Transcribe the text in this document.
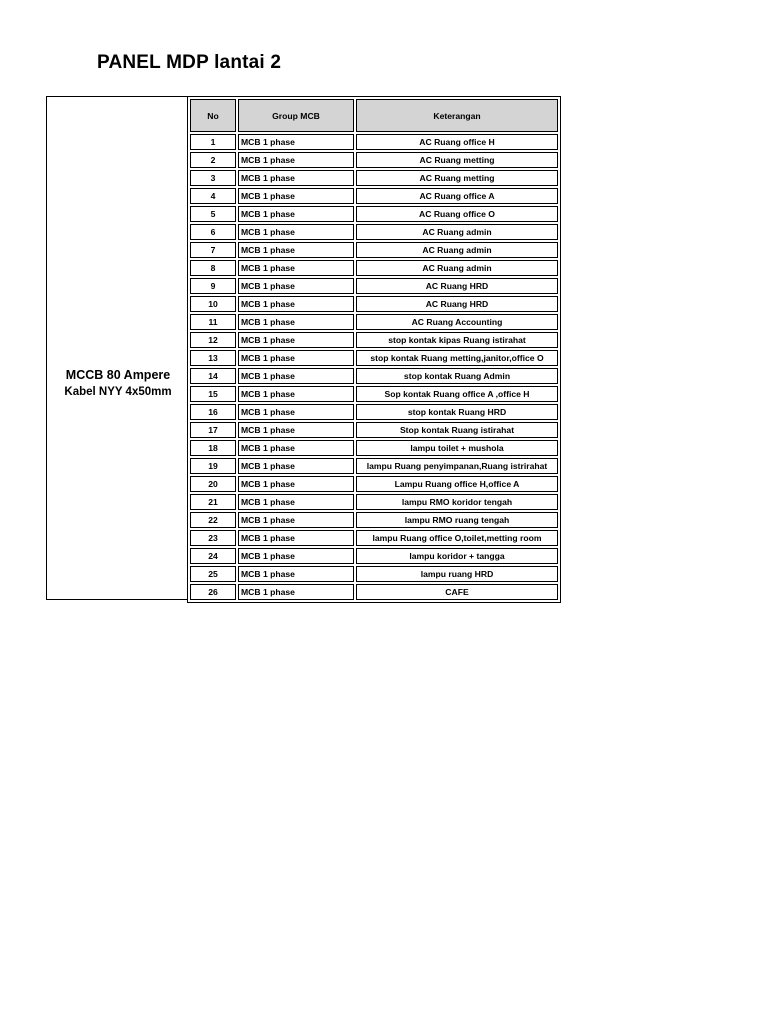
PANEL MDP lantai 2
MCCB 80 Ampere
Kabel NYY 4x50mm
No	Group MCB	Keterangan
1	MCB 1 phase	AC Ruang office H
2	MCB 1 phase	AC Ruang metting
3	MCB 1 phase	AC Ruang metting
4	MCB 1 phase	AC Ruang office A
5	MCB 1 phase	AC Ruang office O
6	MCB 1 phase	AC Ruang admin
7	MCB 1 phase	AC Ruang admin
8	MCB 1 phase	AC Ruang admin
9	MCB 1 phase	AC Ruang HRD
10	MCB 1 phase	AC Ruang HRD
11	MCB 1 phase	AC Ruang Accounting
12	MCB 1 phase	stop kontak kipas Ruang istirahat
13	MCB 1 phase	stop kontak Ruang metting,janitor,office O
14	MCB 1 phase	stop kontak Ruang Admin
15	MCB 1 phase	Sop kontak Ruang office A ,office H
16	MCB 1 phase	stop kontak Ruang HRD
17	MCB 1 phase	Stop kontak Ruang istirahat
18	MCB 1 phase	lampu toilet + mushola
19	MCB 1 phase	lampu Ruang penyimpanan,Ruang istrirahat
20	MCB 1 phase	Lampu Ruang office H,office A
21	MCB 1 phase	lampu RMO koridor tengah
22	MCB 1 phase	lampu RMO ruang tengah
23	MCB 1 phase	lampu Ruang office O,toilet,metting room
24	MCB 1 phase	lampu koridor + tangga
25	MCB 1 phase	lampu ruang HRD
26	MCB 1 phase	CAFE
